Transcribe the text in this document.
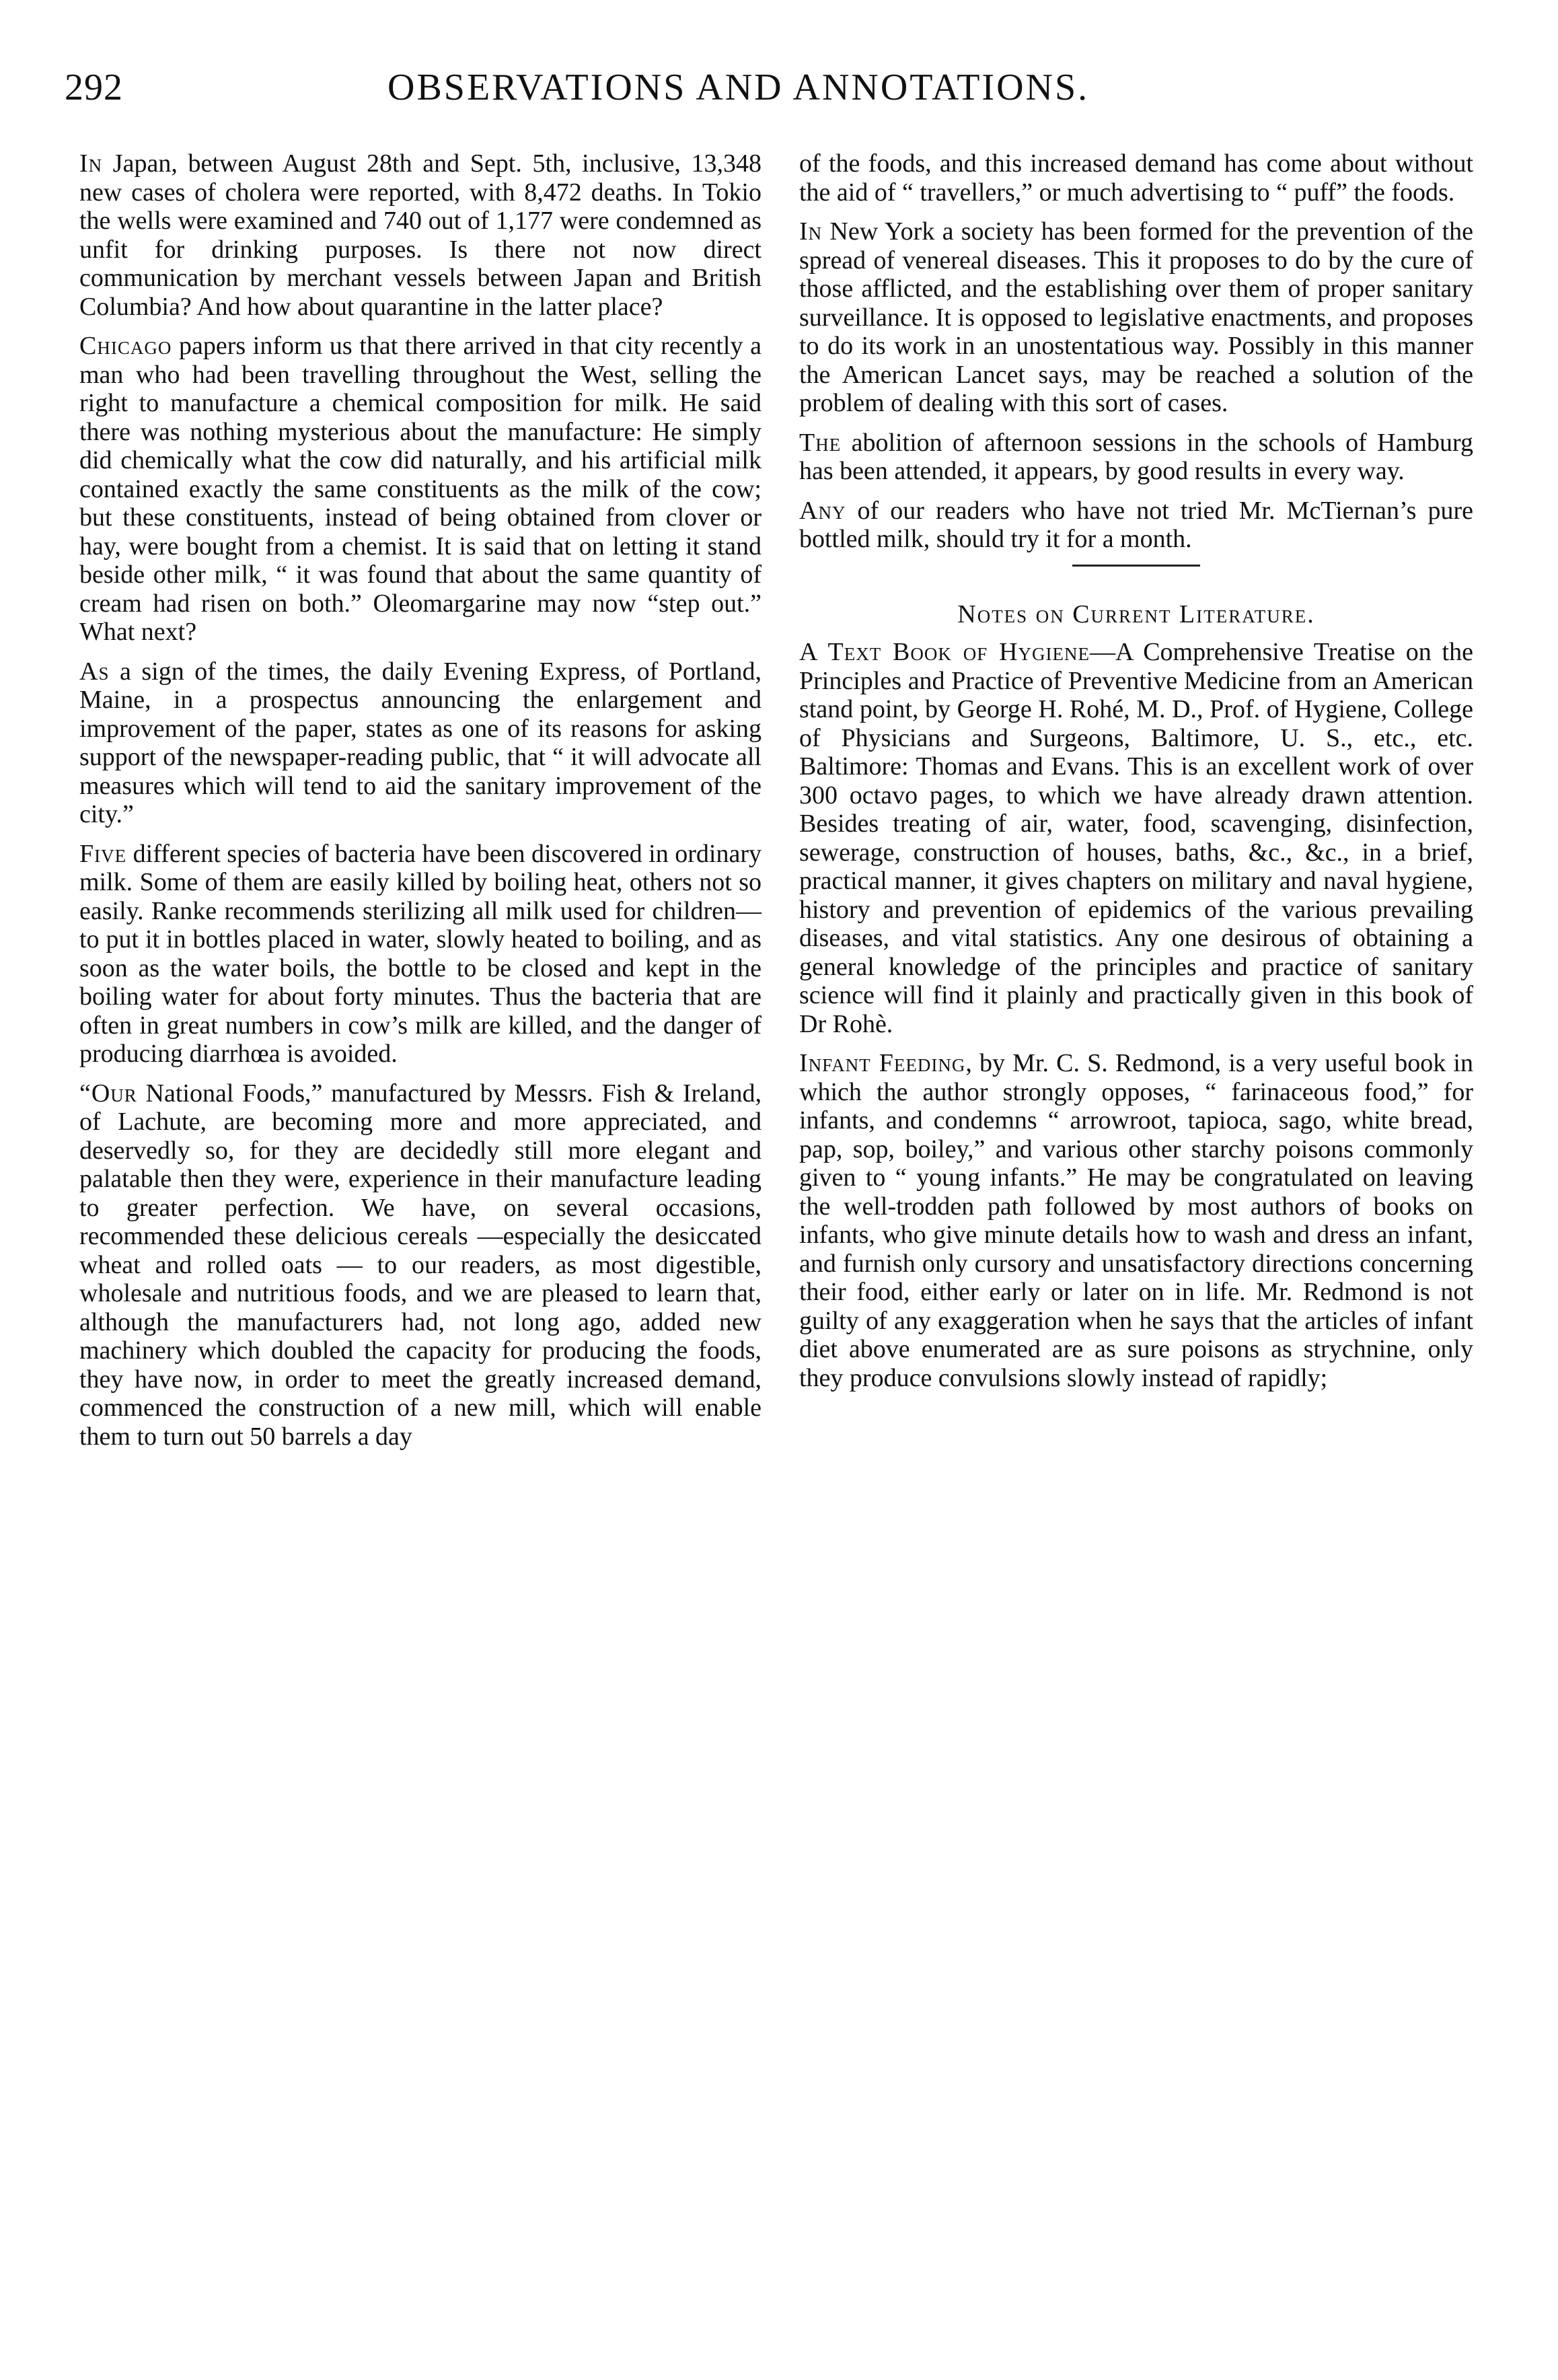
292	OBSERVATIONS AND ANNOTATIONS.

In Japan, between August 28th and Sept. 5th, inclusive, 13,348 new cases of cholera were reported, with 8,472 deaths. In Tokio the wells were examined and 740 out of 1,177 were condemned as unfit for drinking purposes. Is there not now direct communication by merchant vessels between Japan and British Columbia? And how about quarantine in the latter place?

Chicago papers inform us that there arrived in that city recently a man who had been travelling throughout the West, selling the right to manufacture a chemical composition for milk. He said there was nothing mysterious about the manufacture: He simply did chemically what the cow did naturally, and his artificial milk contained exactly the same constituents as the milk of the cow; but these constituents, instead of being obtained from clover or hay, were bought from a chemist. It is said that on letting it stand beside other milk, “ it was found that about the same quantity of cream had risen on both.” Oleomargarine may now “step out.” What next?

As a sign of the times, the daily Evening Express, of Portland, Maine, in a prospectus announcing the enlargement and improvement of the paper, states as one of its reasons for asking support of the newspaper-reading public, that “ it will advocate all measures which will tend to aid the sanitary improvement of the city.”

Five different species of bacteria have been discovered in ordinary milk. Some of them are easily killed by boiling heat, others not so easily. Ranke recommends sterilizing all milk used for children—to put it in bottles placed in water, slowly heated to boiling, and as soon as the water boils, the bottle to be closed and kept in the boiling water for about forty minutes. Thus the bacteria that are often in great numbers in cow’s milk are killed, and the danger of producing diarrhœa is avoided.

“Our National Foods,” manufactured by Messrs. Fish & Ireland, of Lachute, are becoming more and more appreciated, and deservedly so, for they are decidedly still more elegant and palatable then they were, experience in their manufacture leading to greater perfection. We have, on several occasions, recommended these delicious cereals —especially the desiccated wheat and rolled oats — to our readers, as most digestible, wholesale and nutritious foods, and we are pleased to learn that, although the manufacturers had, not long ago, added new machinery which doubled the capacity for producing the foods, they have now, in order to meet the greatly increased demand, commenced the construction of a new mill, which will enable them to turn out 50 barrels a day

of the foods, and this increased demand has come about without the aid of “ travellers,” or much advertising to “ puff” the foods.

In New York a society has been formed for the prevention of the spread of venereal diseases. This it proposes to do by the cure of those afflicted, and the establishing over them of proper sanitary surveillance. It is opposed to legislative enactments, and proposes to do its work in an unostentatious way. Possibly in this manner the American Lancet says, may be reached a solution of the problem of dealing with this sort of cases.

The abolition of afternoon sessions in the schools of Hamburg has been attended, it appears, by good results in every way.

Any of our readers who have not tried Mr. McTiernan’s pure bottled milk, should try it for a month.

Notes on Current Literature.

A Text Book of Hygiene—A Comprehensive Treatise on the Principles and Practice of Preventive Medicine from an American stand point, by George H. Rohé, M. D., Prof. of Hygiene, College of Physicians and Surgeons, Baltimore, U. S., etc., etc. Baltimore: Thomas and Evans. This is an excellent work of over 300 octavo pages, to which we have already drawn attention. Besides treating of air, water, food, scavenging, disinfection, sewerage, construction of houses, baths, &c., &c., in a brief, practical manner, it gives chapters on military and naval hygiene, history and prevention of epidemics of the various prevailing diseases, and vital statistics. Any one desirous of obtaining a general knowledge of the principles and practice of sanitary science will find it plainly and practically given in this book of Dr Rohè.

Infant Feeding, by Mr. C. S. Redmond, is a very useful book in which the author strongly opposes, “ farinaceous food,” for infants, and condemns “ arrowroot, tapioca, sago, white bread, pap, sop, boiley,” and various other starchy poisons commonly given to “ young infants.” He may be congratulated on leaving the well-trodden path followed by most authors of books on infants, who give minute details how to wash and dress an infant, and furnish only cursory and unsatisfactory directions concerning their food, either early or later on in life. Mr. Redmond is not guilty of any exaggeration when he says that the articles of infant diet above enumerated are as sure poisons as strychnine, only they produce convulsions slowly instead of rapidly;
